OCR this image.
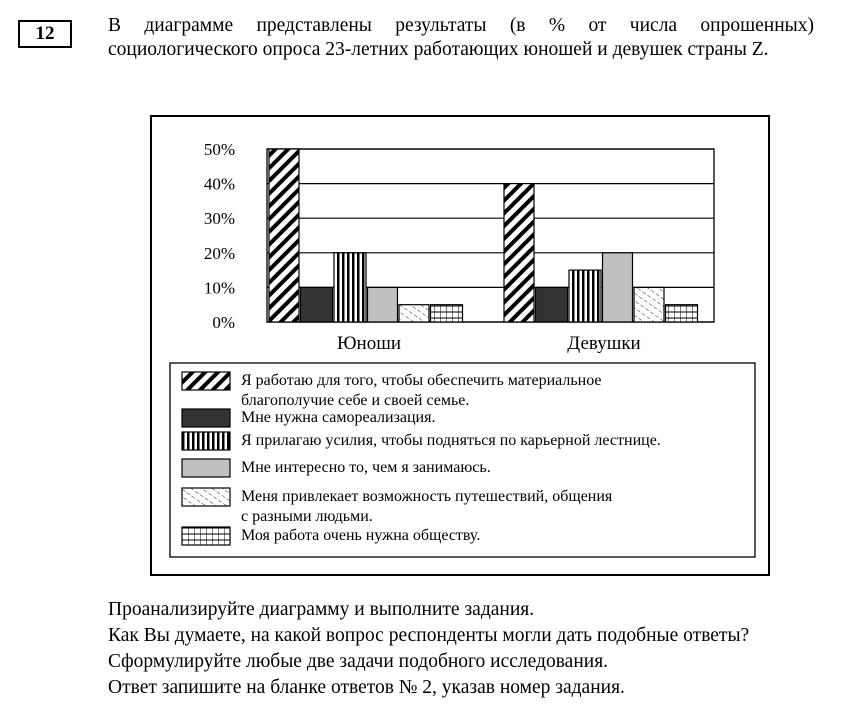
12	В диаграмме представлены результаты (в % от числа опрошенных) социологического опроса 23-летних работающих юношей и девушек страны Z.

0%
10%
20%
30%
40%
50%
Юноши	Девушки
Я работаю для того, чтобы обеспечить материальное
благополучие себе и своей семье.
Мне нужна самореализация.
Я прилагаю усилия, чтобы подняться по карьерной лестнице.
Мне интересно то, чем я занимаюсь.
Меня привлекает возможность путешествий, общения
с разными людьми.
Моя работа очень нужна обществу.
Проанализируйте диаграмму и выполните задания.
Как Вы думаете, на какой вопрос респонденты могли дать подобные ответы?
Сформулируйте любые две задачи подобного исследования.
Ответ запишите на бланке ответов № 2, указав номер задания.
